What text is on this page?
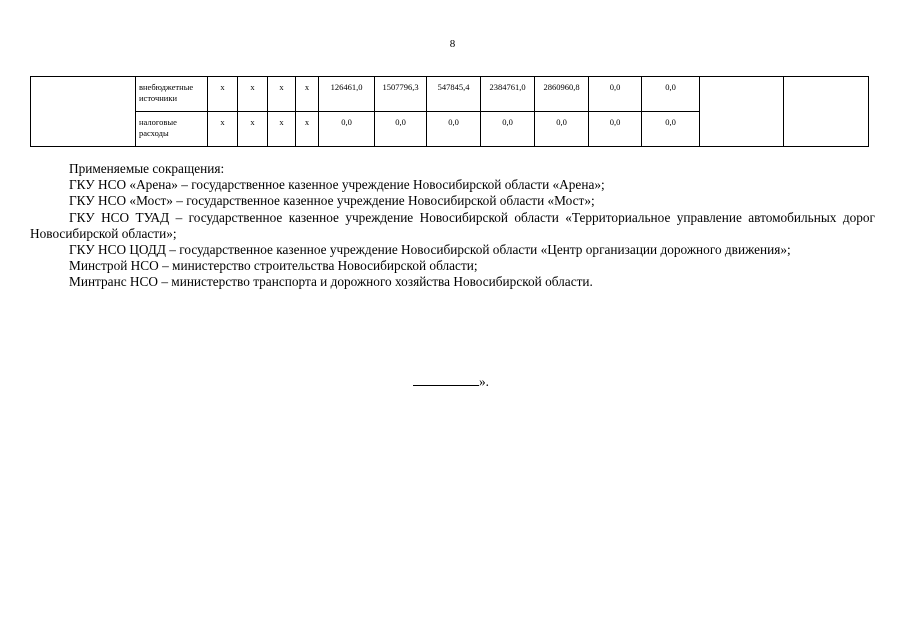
8
	внебюджетные источники	x	x	x	x	126461,0	1507796,3	547845,4	2384761,0	2860960,8	0,0	0,0		
	налоговые расходы	x	x	x	x	0,0	0,0	0,0	0,0	0,0	0,0	0,0		

Применяемые сокращения:

ГКУ НСО «Арена» – государственное казенное учреждение Новосибирской области «Арена»;

ГКУ НСО «Мост» – государственное казенное учреждение Новосибирской области «Мост»;

ГКУ НСО ТУАД – государственное казенное учреждение Новосибирской области «Территориальное управление автомобильных дорог Новосибирской области»;

ГКУ НСО ЦОДД – государственное казенное учреждение Новосибирской области «Центр организации дорожного движения»;

Минстрой НСО – министерство строительства Новосибирской области;

Минтранс НСО – министерство транспорта и дорожного хозяйства Новосибирской области.

».
